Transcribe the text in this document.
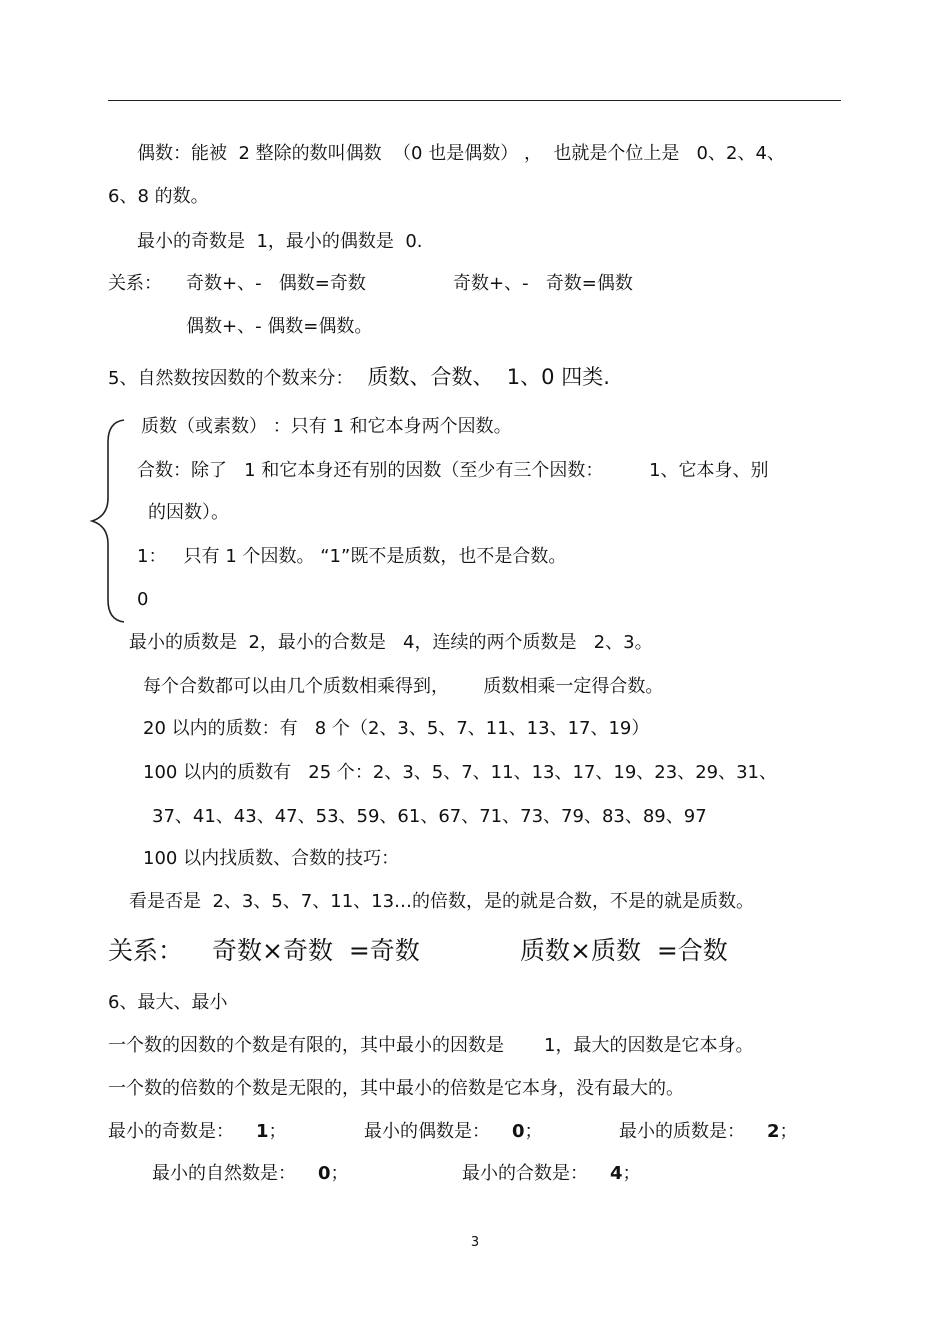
偶数：能被  2 整除的数叫偶数  （0 也是偶数） ，  也就是个位上是   0、2、4、
6、8 的数。
最小的奇数是  1，最小的偶数是  0.
关系： 奇数+、-   偶数=奇数	奇数+、-   奇数=偶数
偶数+、- 偶数=偶数。
5、自然数按因数的个数来分： 质数、合数、  1、0 四类.
质数（或素数） ：只有 1 和它本身两个因数。
合数：除了   1 和它本身还有别的因数（至少有三个因数：        1、它本身、别
的因数）。
1：   只有 1 个因数。 “1”既不是质数，也不是合数。
0
最小的质数是  2，最小的合数是   4，连续的两个质数是   2、3。
每个合数都可以由几个质数相乘得到，      质数相乘一定得合数。
20 以内的质数：有   8 个（2、3、5、7、11、13、17、19）
100 以内的质数有   25 个：2、3、5、7、11、13、17、19、23、29、31、
37、41、43、47、53、59、61、67、71、73、79、83、89、97
100 以内找质数、合数的技巧：
看是否是  2、3、5、7、11、13…的倍数，是的就是合数，不是的就是质数。
关系： 奇数×奇数  =奇数	质数×质数  =合数
6、最大、最小
一个数的因数的个数是有限的，其中最小的因数是       1，最大的因数是它本身。
一个数的倍数的个数是无限的，其中最小的倍数是它本身，没有最大的。
最小的奇数是： 1；	最小的偶数是： 0；	最小的质数是： 2；
最小的自然数是： 0；	最小的合数是： 4；
3
